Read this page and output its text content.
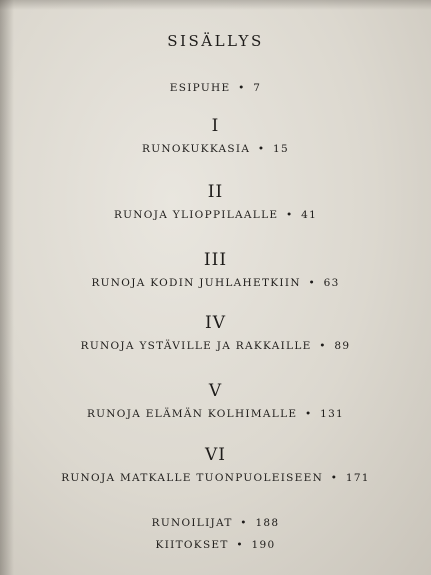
SISÄLLYS
ESIPUHE • 7
I
RUNOKUKKASIA • 15
II
RUNOJA YLIOPPILAALLE • 41
III
RUNOJA KODIN JUHLAHETKIIN • 63
IV
RUNOJA YSTÄVILLE JA RAKKAILLE • 89
V
RUNOJA ELÄMÄN KOLHIMALLE • 131
VI
RUNOJA MATKALLE TUONPUOLEISEEN • 171
RUNOILIJAT • 188
KIITOKSET • 190
